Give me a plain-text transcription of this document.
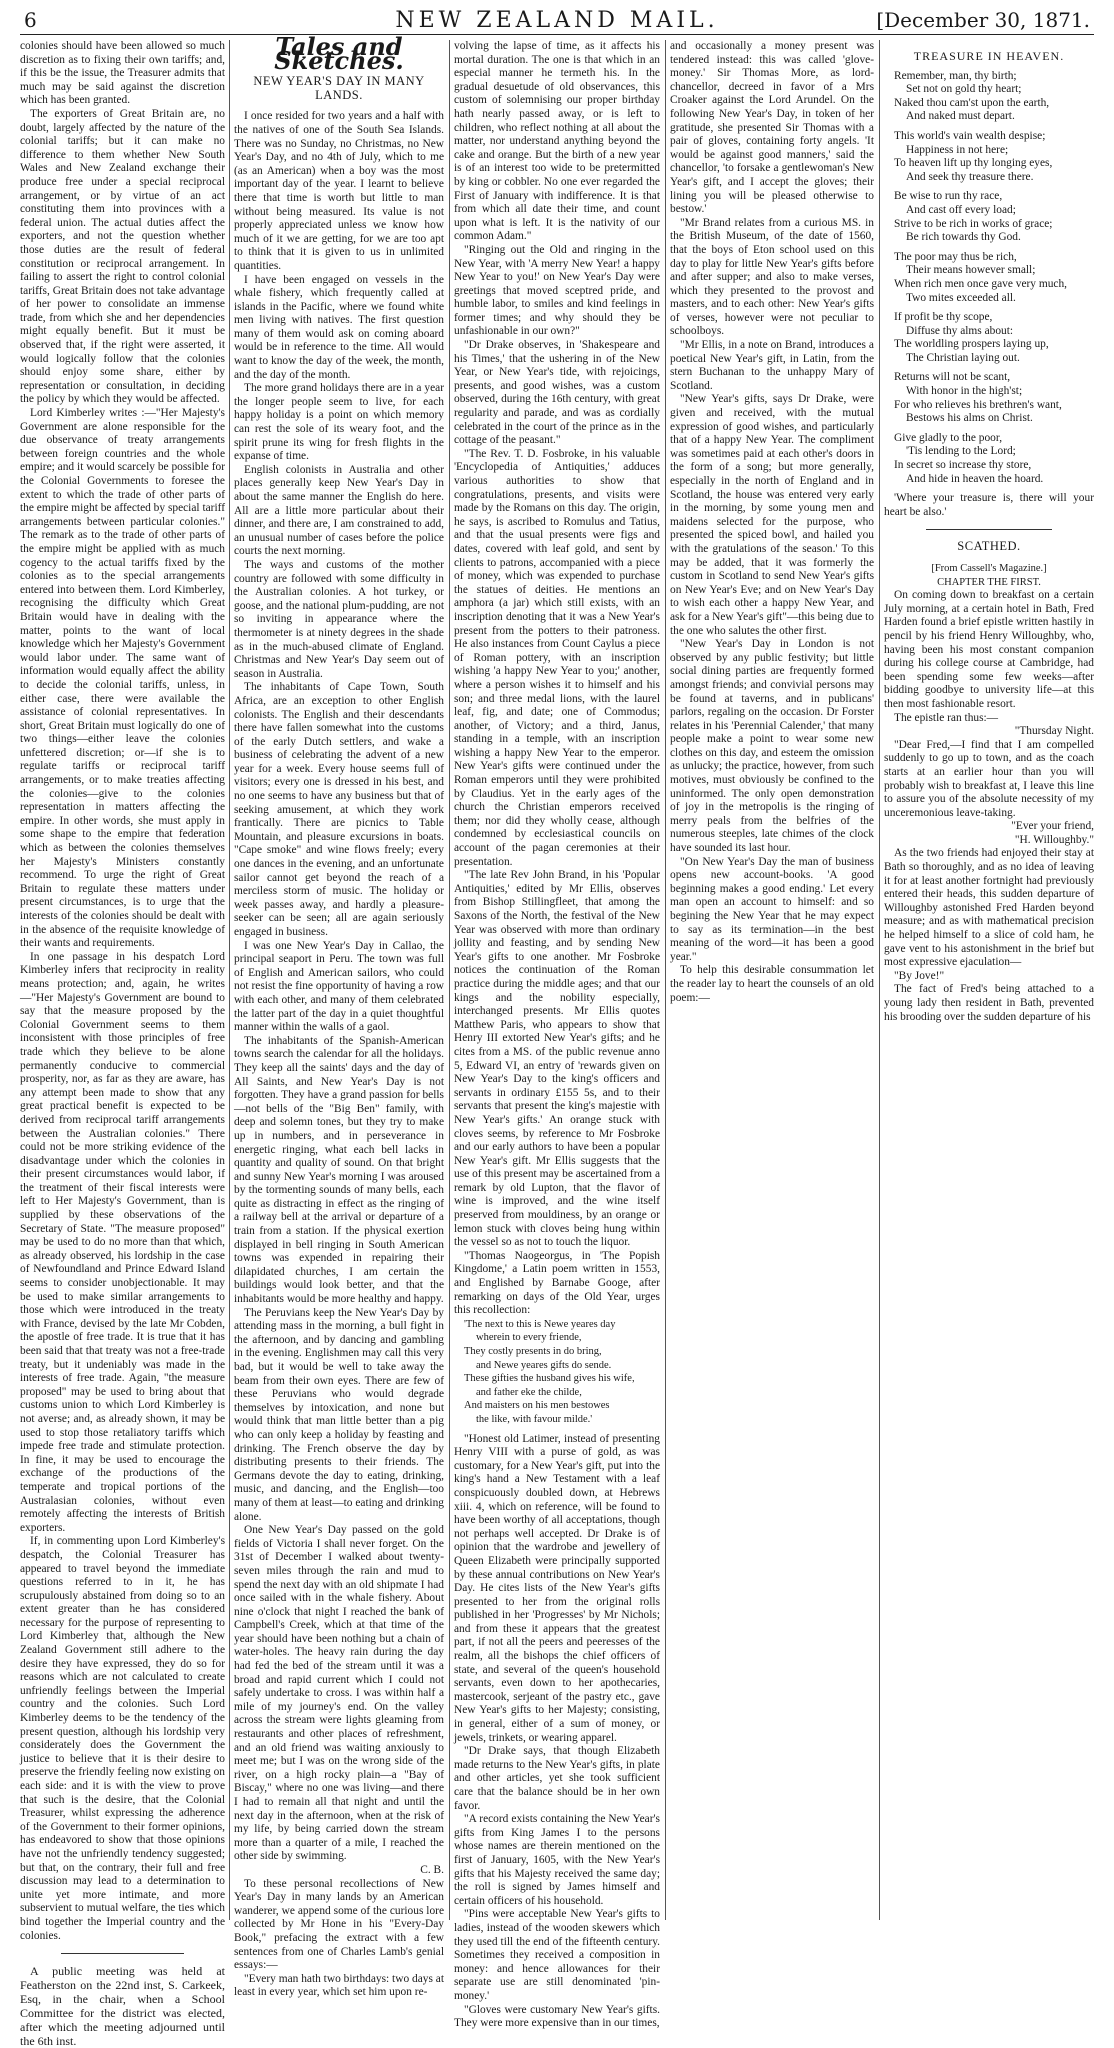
6	NEW ZEALAND MAIL.	[December 30, 1871.

colonies should have been allowed so much discretion as to fixing their own tariffs; and, if this be the issue, the Treasurer admits that much may be said against the discretion which has been granted.

The exporters of Great Britain are, no doubt, largely affected by the nature of the colonial tariffs; but it can make no difference to them whether New South Wales and New Zealand exchange their produce free under a special reciprocal arrangement, or by virtue of an act constituting them into provinces with a federal union. The actual duties affect the exporters, and not the question whether those duties are the result of federal constitution or reciprocal arrangement. In failing to assert the right to control colonial tariffs, Great Britain does not take advantage of her power to consolidate an immense trade, from which she and her dependencies might equally benefit. But it must be observed that, if the right were asserted, it would logically follow that the colonies should enjoy some share, either by representation or consultation, in deciding the policy by which they would be affected.

Lord Kimberley writes :—"Her Majesty's Government are alone responsible for the due observance of treaty arrangements between foreign countries and the whole empire; and it would scarcely be possible for the Colonial Governments to foresee the extent to which the trade of other parts of the empire might be affected by special tariff arrangements between particular colonies." The remark as to the trade of other parts of the empire might be applied with as much cogency to the actual tariffs fixed by the colonies as to the special arrangements entered into between them. Lord Kimberley, recognising the difficulty which Great Britain would have in dealing with the matter, points to the want of local knowledge which her Majesty's Government would labor under. The same want of information would equally affect the ability to decide the colonial tariffs, unless, in either case, there were available the assistance of colonial representatives. In short, Great Britain must logically do one of two things—either leave the colonies unfettered discretion; or—if she is to regulate tariffs or reciprocal tariff arrangements, or to make treaties affecting the colonies—give to the colonies representation in matters affecting the empire. In other words, she must apply in some shape to the empire that federation which as between the colonies themselves her Majesty's Ministers constantly recommend. To urge the right of Great Britain to regulate these matters under present circumstances, is to urge that the interests of the colonies should be dealt with in the absence of the requisite knowledge of their wants and requirements.

In one passage in his despatch Lord Kimberley infers that reciprocity in reality means protection; and, again, he writes —"Her Majesty's Government are bound to say that the measure proposed by the Colonial Government seems to them inconsistent with those principles of free trade which they believe to be alone permanently conducive to commercial prosperity, nor, as far as they are aware, has any attempt been made to show that any great practical benefit is expected to be derived from reciprocal tariff arrangements between the Australian colonies." There could not be more striking evidence of the disadvantage under which the colonies in their present circumstances would labor, if the treatment of their fiscal interests were left to Her Majesty's Government, than is supplied by these observations of the Secretary of State. "The measure proposed" may be used to do no more than that which, as already observed, his lordship in the case of Newfoundland and Prince Edward Island seems to consider unobjectionable. It may be used to make similar arrangements to those which were introduced in the treaty with France, devised by the late Mr Cobden, the apostle of free trade. It is true that it has been said that that treaty was not a free-trade treaty, but it undeniably was made in the interests of free trade. Again, "the measure proposed" may be used to bring about that customs union to which Lord Kimberley is not averse; and, as already shown, it may be used to stop those retaliatory tariffs which impede free trade and stimulate protection. In fine, it may be used to encourage the exchange of the productions of the temperate and tropical portions of the Australasian colonies, without even remotely affecting the interests of British exporters.

If, in commenting upon Lord Kimberley's despatch, the Colonial Treasurer has appeared to travel beyond the immediate questions referred to in it, he has scrupulously abstained from doing so to an extent greater than he has considered necessary for the purpose of representing to Lord Kimberley that, although the New Zealand Government still adhere to the desire they have expressed, they do so for reasons which are not calculated to create unfriendly feelings between the Imperial country and the colonies. Such Lord Kimberley deems to be the tendency of the present question, although his lordship very considerately does the Government the justice to believe that it is their desire to preserve the friendly feeling now existing on each side: and it is with the view to prove that such is the desire, that the Colonial Treasurer, whilst expressing the adherence of the Government to their former opinions, has endeavored to show that those opinions have not the unfriendly tendency suggested; but that, on the contrary, their full and free discussion may lead to a determination to unite yet more intimate, and more subservient to mutual welfare, the ties which bind together the Imperial country and the colonies.

A public meeting was held at Featherston on the 22nd inst, S. Carkeek, Esq, in the chair, when a School Committee for the district was elected, after which the meeting adjourned until the 6th inst.

Tales and Sketches.
NEW YEAR'S DAY IN MANY LANDS.

I once resided for two years and a half with the natives of one of the South Sea Islands. There was no Sunday, no Christmas, no New Year's Day, and no 4th of July, which to me (as an American) when a boy was the most important day of the year. I learnt to believe there that time is worth but little to man without being measured. Its value is not properly appreciated unless we know how much of it we are getting, for we are too apt to think that it is given to us in unlimited quantities.

I have been engaged on vessels in the whale fishery, which frequently called at islands in the Pacific, where we found white men living with natives. The first question many of them would ask on coming aboard would be in reference to the time. All would want to know the day of the week, the month, and the day of the month.

The more grand holidays there are in a year the longer people seem to live, for each happy holiday is a point on which memory can rest the sole of its weary foot, and the spirit prune its wing for fresh flights in the expanse of time.

English colonists in Australia and other places generally keep New Year's Day in about the same manner the English do here. All are a little more particular about their dinner, and there are, I am constrained to add, an unusual number of cases before the police courts the next morning.

The ways and customs of the mother country are followed with some difficulty in the Australian colonies. A hot turkey, or goose, and the national plum-pudding, are not so inviting in appearance where the thermometer is at ninety degrees in the shade as in the much-abused climate of England. Christmas and New Year's Day seem out of season in Australia.

The inhabitants of Cape Town, South Africa, are an exception to other English colonists. The English and their descendants there have fallen somewhat into the customs of the early Dutch settlers, and wake a business of celebrating the advent of a new year for a week. Every house seems full of visitors; every one is dressed in his best, and no one seems to have any business but that of seeking amusement, at which they work frantically. There are picnics to Table Mountain, and pleasure excursions in boats. "Cape smoke" and wine flows freely; every one dances in the evening, and an unfortunate sailor cannot get beyond the reach of a merciless storm of music. The holiday or week passes away, and hardly a pleasure-seeker can be seen; all are again seriously engaged in business.

I was one New Year's Day in Callao, the principal seaport in Peru. The town was full of English and American sailors, who could not resist the fine opportunity of having a row with each other, and many of them celebrated the latter part of the day in a quiet thoughtful manner within the walls of a gaol.

The inhabitants of the Spanish-American towns search the calendar for all the holidays. They keep all the saints' days and the day of All Saints, and New Year's Day is not forgotten. They have a grand passion for bells—not bells of the "Big Ben" family, with deep and solemn tones, but they try to make up in numbers, and in perseverance in energetic ringing, what each bell lacks in quantity and quality of sound. On that bright and sunny New Year's morning I was aroused by the tormenting sounds of many bells, each quite as distracting in effect as the ringing of a railway bell at the arrival or departure of a train from a station. If the physical exertion displayed in bell ringing in South American towns was expended in repairing their dilapidated churches, I am certain the buildings would look better, and that the inhabitants would be more healthy and happy.

The Peruvians keep the New Year's Day by attending mass in the morning, a bull fight in the afternoon, and by dancing and gambling in the evening. Englishmen may call this very bad, but it would be well to take away the beam from their own eyes. There are few of these Peruvians who would degrade themselves by intoxication, and none but would think that man little better than a pig who can only keep a holiday by feasting and drinking. The French observe the day by distributing presents to their friends. The Germans devote the day to eating, drinking, music, and dancing, and the English—too many of them at least—to eating and drinking alone.

One New Year's Day passed on the gold fields of Victoria I shall never forget. On the 31st of December I walked about twenty-seven miles through the rain and mud to spend the next day with an old shipmate I had once sailed with in the whale fishery. About nine o'clock that night I reached the bank of Campbell's Creek, which at that time of the year should have been nothing but a chain of water-holes. The heavy rain during the day had fed the bed of the stream until it was a broad and rapid current which I could not safely undertake to cross. I was within half a mile of my journey's end. On the valley across the stream were lights gleaming from restaurants and other places of refreshment, and an old friend was waiting anxiously to meet me; but I was on the wrong side of the river, on a high rocky plain—a "Bay of Biscay," where no one was living—and there I had to remain all that night and until the next day in the afternoon, when at the risk of my life, by being carried down the stream more than a quarter of a mile, I reached the other side by swimming.

C. B.

To these personal recollections of New Year's Day in many lands by an American wanderer, we append some of the curious lore collected by Mr Hone in his "Every-Day Book," prefacing the extract with a few sentences from one of Charles Lamb's genial essays:—

"Every man hath two birthdays: two days at least in every year, which set him upon re-

volving the lapse of time, as it affects his mortal duration. The one is that which in an especial manner he termeth his. In the gradual desuetude of old observances, this custom of solemnising our proper birthday hath nearly passed away, or is left to children, who reflect nothing at all about the matter, nor understand anything beyond the cake and orange. But the birth of a new year is of an interest too wide to be pretermitted by king or cobbler. No one ever regarded the First of January with indifference. It is that from which all date their time, and count upon what is left. It is the nativity of our common Adam."

"Ringing out the Old and ringing in the New Year, with 'A merry New Year! a happy New Year to you!' on New Year's Day were greetings that moved sceptred pride, and humble labor, to smiles and kind feelings in former times; and why should they be unfashionable in our own?"

"Dr Drake observes, in 'Shakespeare and his Times,' that the ushering in of the New Year, or New Year's tide, with rejoicings, presents, and good wishes, was a custom observed, during the 16th century, with great regularity and parade, and was as cordially celebrated in the court of the prince as in the cottage of the peasant."

"The Rev. T. D. Fosbroke, in his valuable 'Encyclopedia of Antiquities,' adduces various authorities to show that congratulations, presents, and visits were made by the Romans on this day. The origin, he says, is ascribed to Romulus and Tatius, and that the usual presents were figs and dates, covered with leaf gold, and sent by clients to patrons, accompanied with a piece of money, which was expended to purchase the statues of deities. He mentions an amphora (a jar) which still exists, with an inscription denoting that it was a New Year's present from the potters to their patroness. He also instances from Count Caylus a piece of Roman pottery, with an inscription wishing 'a happy New Year to you;' another, where a person wishes it to himself and his son; and three medal lions, with the laurel leaf, fig, and date; one of Commodus; another, of Victory; and a third, Janus, standing in a temple, with an inscription wishing a happy New Year to the emperor. New Year's gifts were continued under the Roman emperors until they were prohibited by Claudius. Yet in the early ages of the church the Christian emperors received them; nor did they wholly cease, although condemned by ecclesiastical councils on account of the pagan ceremonies at their presentation.

"The late Rev John Brand, in his 'Popular Antiquities,' edited by Mr Ellis, observes from Bishop Stillingfleet, that among the Saxons of the North, the festival of the New Year was observed with more than ordinary jollity and feasting, and by sending New Year's gifts to one another. Mr Fosbroke notices the continuation of the Roman practice during the middle ages; and that our kings and the nobility especially, interchanged presents. Mr Ellis quotes Matthew Paris, who appears to show that Henry III extorted New Year's gifts; and he cites from a MS. of the public revenue anno 5, Edward VI, an entry of 'rewards given on New Year's Day to the king's officers and servants in ordinary £155 5s, and to their servants that present the king's majestie with New Year's gifts.' An orange stuck with cloves seems, by reference to Mr Fosbroke and our early authors to have been a popular New Year's gift. Mr Ellis suggests that the use of this present may be ascertained from a remark by old Lupton, that the flavor of wine is improved, and the wine itself preserved from mouldiness, by an orange or lemon stuck with cloves being hung within the vessel so as not to touch the liquor.

"Thomas Naogeorgus, in 'The Popish Kingdome,' a Latin poem written in 1553, and Englished by Barnabe Googe, after remarking on days of the Old Year, urges this recollection:

'The next to this is Newe yeares day
wherein to every friende,
They costly presents in do bring,
and Newe yeares gifts do sende.
These gifties the husband gives his wife,
and father eke the childe,
And maisters on his men bestowes
the like, with favour milde.'

"Honest old Latimer, instead of presenting Henry VIII with a purse of gold, as was customary, for a New Year's gift, put into the king's hand a New Testament with a leaf conspicuously doubled down, at Hebrews xiii. 4, which on reference, will be found to have been worthy of all acceptations, though not perhaps well accepted. Dr Drake is of opinion that the wardrobe and jewellery of Queen Elizabeth were principally supported by these annual contributions on New Year's Day. He cites lists of the New Year's gifts presented to her from the original rolls published in her 'Progresses' by Mr Nichols; and from these it appears that the greatest part, if not all the peers and peeresses of the realm, all the bishops the chief officers of state, and several of the queen's household servants, even down to her apothecaries, mastercook, serjeant of the pastry etc., gave New Year's gifts to her Majesty; consisting, in general, either of a sum of money, or jewels, trinkets, or wearing apparel.

"Dr Drake says, that though Elizabeth made returns to the New Year's gifts, in plate and other articles, yet she took sufficient care that the balance should be in her own favor.

"A record exists containing the New Year's gifts from King James I to the persons whose names are therein mentioned on the first of January, 1605, with the New Year's gifts that his Majesty received the same day; the roll is signed by James himself and certain officers of his household.

"Pins were acceptable New Year's gifts to ladies, instead of the wooden skewers which they used till the end of the fifteenth century. Sometimes they received a composition in money: and hence allowances for their separate use are still denominated 'pin-money.'

"Gloves were customary New Year's gifts. They were more expensive than in our times,

and occasionally a money present was tendered instead: this was called 'glove-money.' Sir Thomas More, as lord-chancellor, decreed in favor of a Mrs Croaker against the Lord Arundel. On the following New Year's Day, in token of her gratitude, she presented Sir Thomas with a pair of gloves, containing forty angels. 'It would be against good manners,' said the chancellor, 'to forsake a gentlewoman's New Year's gift, and I accept the gloves; their lining you will be pleased otherwise to bestow.'

"Mr Brand relates from a curious MS. in the British Museum, of the date of 1560, that the boys of Eton school used on this day to play for little New Year's gifts before and after supper; and also to make verses, which they presented to the provost and masters, and to each other: New Year's gifts of verses, however were not peculiar to schoolboys.

"Mr Ellis, in a note on Brand, introduces a poetical New Year's gift, in Latin, from the stern Buchanan to the unhappy Mary of Scotland.

"New Year's gifts, says Dr Drake, were given and received, with the mutual expression of good wishes, and particularly that of a happy New Year. The compliment was sometimes paid at each other's doors in the form of a song; but more generally, especially in the north of England and in Scotland, the house was entered very early in the morning, by some young men and maidens selected for the purpose, who presented the spiced bowl, and hailed you with the gratulations of the season.' To this may be added, that it was formerly the custom in Scotland to send New Year's gifts on New Year's Eve; and on New Year's Day to wish each other a happy New Year, and ask for a New Year's gift"—this being due to the one who salutes the other first.

"New Year's Day in London is not observed by any public festivity; but little social dining parties are frequently formed amongst friends; and convivial persons may be found at taverns, and in publicans' parlors, regaling on the occasion. Dr Forster relates in his 'Perennial Calender,' that many people make a point to wear some new clothes on this day, and esteem the omission as unlucky; the practice, however, from such motives, must obviously be confined to the uninformed. The only open demonstration of joy in the metropolis is the ringing of merry peals from the belfries of the numerous steeples, late chimes of the clock have sounded its last hour.

"On New Year's Day the man of business opens new account-books. 'A good beginning makes a good ending.' Let every man open an account to himself: and so begining the New Year that he may expect to say as its termination—in the best meaning of the word—it has been a good year."

To help this desirable consummation let the reader lay to heart the counsels of an old poem:—

TREASURE IN HEAVEN.
Remember, man, thy birth;
Set not on gold thy heart;
Naked thou cam'st upon the earth,
And naked must depart.
This world's vain wealth despise;
Happiness in not here;
To heaven lift up thy longing eyes,
And seek thy treasure there.
Be wise to run thy race,
And cast off every load;
Strive to be rich in works of grace;
Be rich towards thy God.
The poor may thus be rich,
Their means however small;
When rich men once gave very much,
Two mites exceeded all.
If profit be thy scope,
Diffuse thy alms about:
The worldling prospers laying up,
The Christian laying out.
Returns will not be scant,
With honor in the high'st;
For who relieves his brethren's want,
Bestows his alms on Christ.
Give gladly to the poor,
'Tis lending to the Lord;
In secret so increase thy store,
And hide in heaven the hoard.

'Where your treasure is, there will your heart be also.'

SCATHED.
[From Cassell's Magazine.]
CHAPTER THE FIRST.

On coming down to breakfast on a certain July morning, at a certain hotel in Bath, Fred Harden found a brief epistle written hastily in pencil by his friend Henry Willoughby, who, having been his most constant companion during his college course at Cambridge, had been spending some few weeks—after bidding goodbye to university life—at this then most fashionable resort.

The epistle ran thus:—

"Thursday Night.

"Dear Fred,—I find that I am compelled suddenly to go up to town, and as the coach starts at an earlier hour than you will probably wish to breakfast at, I leave this line to assure you of the absolute necessity of my unceremonious leave-taking.

"Ever your friend,
"H. Willoughby."

As the two friends had enjoyed their stay at Bath so thoroughly, and as no idea of leaving it for at least another fortnight had previously entered their heads, this sudden departure of Willoughby astonished Fred Harden beyond measure; and as with mathematical precision he helped himself to a slice of cold ham, he gave vent to his astonishment in the brief but most expressive ejaculation—

"By Jove!"

The fact of Fred's being attached to a young lady then resident in Bath, prevented his brooding over the sudden departure of his
